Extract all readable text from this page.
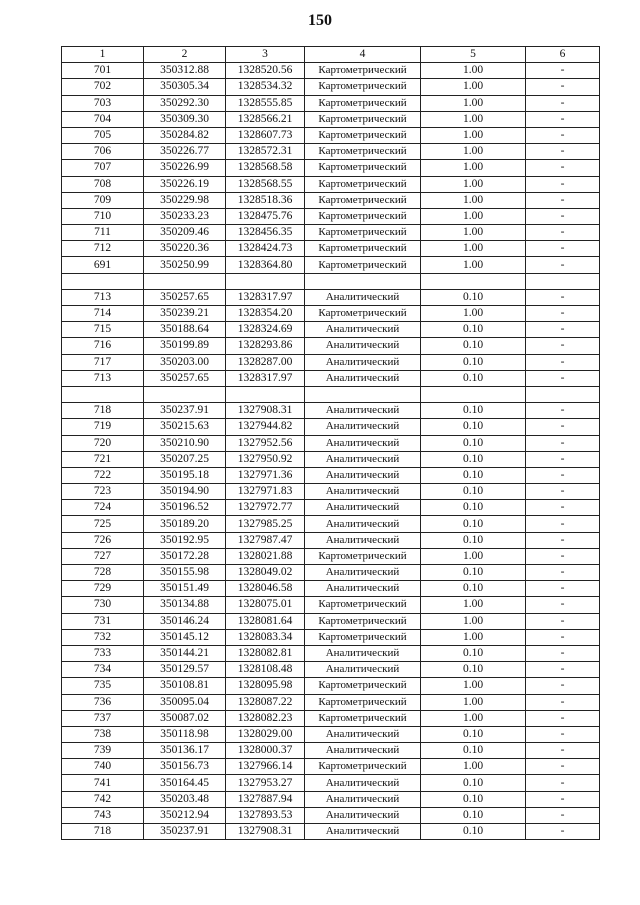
150
1	2	3	4	5	6
701	350312.88	1328520.56	Картометрический	1.00	-
702	350305.34	1328534.32	Картометрический	1.00	-
703	350292.30	1328555.85	Картометрический	1.00	-
704	350309.30	1328566.21	Картометрический	1.00	-
705	350284.82	1328607.73	Картометрический	1.00	-
706	350226.77	1328572.31	Картометрический	1.00	-
707	350226.99	1328568.58	Картометрический	1.00	-
708	350226.19	1328568.55	Картометрический	1.00	-
709	350229.98	1328518.36	Картометрический	1.00	-
710	350233.23	1328475.76	Картометрический	1.00	-
711	350209.46	1328456.35	Картометрический	1.00	-
712	350220.36	1328424.73	Картометрический	1.00	-
691	350250.99	1328364.80	Картометрический	1.00	-

713	350257.65	1328317.97	Аналитический	0.10	-
714	350239.21	1328354.20	Картометрический	1.00	-
715	350188.64	1328324.69	Аналитический	0.10	-
716	350199.89	1328293.86	Аналитический	0.10	-
717	350203.00	1328287.00	Аналитический	0.10	-
713	350257.65	1328317.97	Аналитический	0.10	-

718	350237.91	1327908.31	Аналитический	0.10	-
719	350215.63	1327944.82	Аналитический	0.10	-
720	350210.90	1327952.56	Аналитический	0.10	-
721	350207.25	1327950.92	Аналитический	0.10	-
722	350195.18	1327971.36	Аналитический	0.10	-
723	350194.90	1327971.83	Аналитический	0.10	-
724	350196.52	1327972.77	Аналитический	0.10	-
725	350189.20	1327985.25	Аналитический	0.10	-
726	350192.95	1327987.47	Аналитический	0.10	-
727	350172.28	1328021.88	Картометрический	1.00	-
728	350155.98	1328049.02	Аналитический	0.10	-
729	350151.49	1328046.58	Аналитический	0.10	-
730	350134.88	1328075.01	Картометрический	1.00	-
731	350146.24	1328081.64	Картометрический	1.00	-
732	350145.12	1328083.34	Картометрический	1.00	-
733	350144.21	1328082.81	Аналитический	0.10	-
734	350129.57	1328108.48	Аналитический	0.10	-
735	350108.81	1328095.98	Картометрический	1.00	-
736	350095.04	1328087.22	Картометрический	1.00	-
737	350087.02	1328082.23	Картометрический	1.00	-
738	350118.98	1328029.00	Аналитический	0.10	-
739	350136.17	1328000.37	Аналитический	0.10	-
740	350156.73	1327966.14	Картометрический	1.00	-
741	350164.45	1327953.27	Аналитический	0.10	-
742	350203.48	1327887.94	Аналитический	0.10	-
743	350212.94	1327893.53	Аналитический	0.10	-
718	350237.91	1327908.31	Аналитический	0.10	-
